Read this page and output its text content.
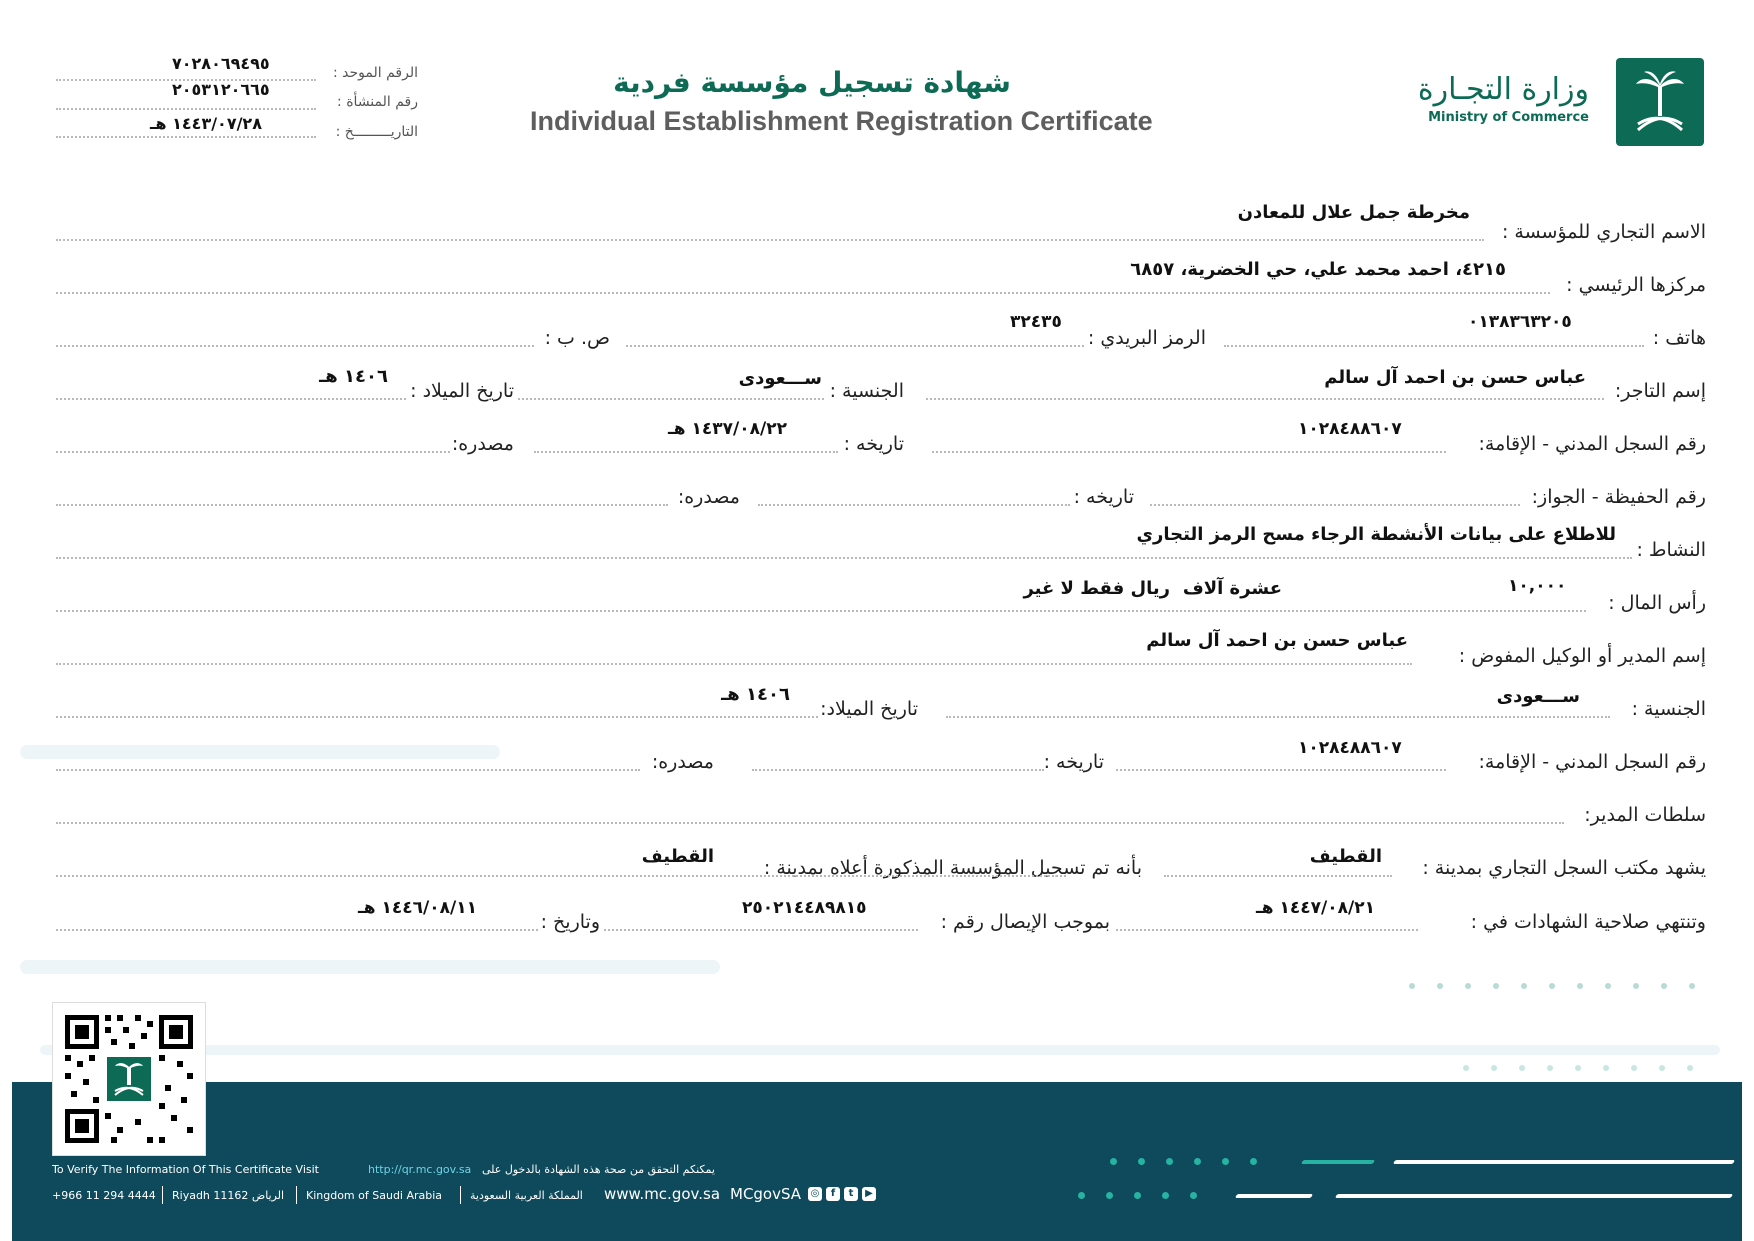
وزارة التجـارة
Ministry of Commerce
شهادة تسجيل مؤسسة فردية
Individual Establishment Registration Certificate
الرقم الموحد :
٧٠٢٨٠٦٩٤٩٥
رقم المنشأة :
٢٠٥٣١٢٠٦٦٥
التاريـــــــــخ :
١٤٤٣/٠٧/٢٨ هـ
الاسم التجاري للمؤسسة :
مخرطة جمل علال للمعادن
مركزها الرئيسي :
٤٢١٥، احمد محمد علي، حي الخضرية، ٦٨٥٧
هاتف :
٠١٣٨٣٦٣٢٠٥
الرمز البريدي :
٣٢٤٣٥
ص. ب :
إسم التاجر:
عباس حسن بن احمد آل سالم
الجنسية :
ســـعودى
تاريخ الميلاد :
١٤٠٦ هـ
رقم السجل المدني - الإقامة:
١٠٢٨٤٨٨٦٠٧
تاريخه :
١٤٣٧/٠٨/٢٢ هـ
مصدره:
رقم الحفيظة - الجواز:
تاريخه :
مصدره:
النشاط :
للاطلاع على بيانات الأنشطة الرجاء مسح الرمز التجاري
رأس المال :
١٠,٠٠٠
عشرة آلاف
ريال فقط لا غير
إسم المدير أو الوكيل المفوض :
عباس حسن بن احمد آل سالم
الجنسية :
ســـعودى
تاريخ الميلاد:
١٤٠٦ هـ
رقم السجل المدني - الإقامة:
١٠٢٨٤٨٨٦٠٧
تاريخه :
مصدره:
سلطات المدير:
يشهد مكتب السجل التجاري بمدينة :
القطيف
بأنه تم تسجيل المؤسسة المذكورة أعلاه بمدينة :
القطيف
وتنتهي صلاحية الشهادات في :
١٤٤٧/٠٨/٢١ هـ
بموجب الإيصال رقم :
٢٥٠٢١٤٤٨٩٨١٥
وتاريخ :
١٤٤٦/٠٨/١١ هـ
To Verify The Information Of This Certificate Visit	http://qr.mc.gov.sa يمكنكم التحقق من صحة هذه الشهادة بالدخول على
+966 11 294 4444 Riyadh 11162 الرياض Kingdom of Saudi Arabia	المملكة العربية السعودية www.mc.gov.sa MCgovSA ◎	f	t	▶
